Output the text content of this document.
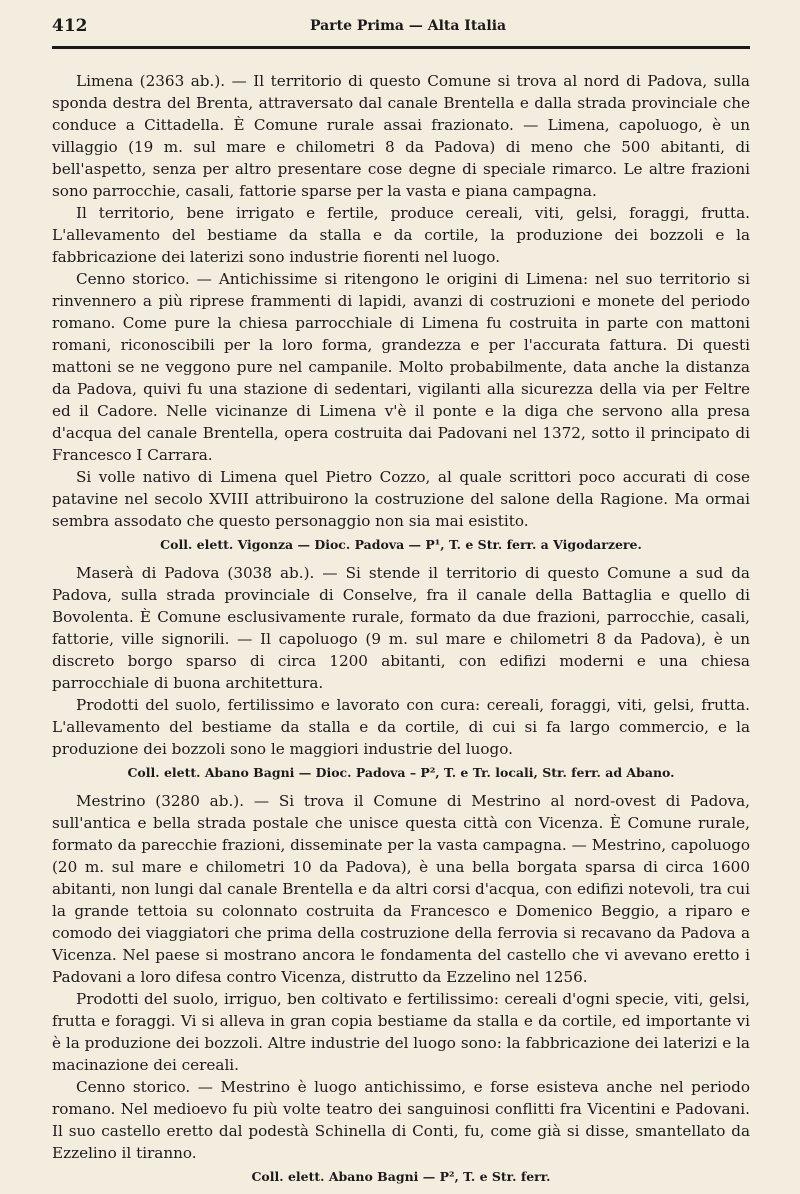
412	Parte Prima — Alta Italia

Limena (2363 ab.). — Il territorio di questo Comune si trova al nord di Padova, sulla sponda destra del Brenta, attraversato dal canale Brentella e dalla strada provinciale che conduce a Cittadella. È Comune rurale assai frazionato. — Limena, capoluogo, è un villaggio (19 m. sul mare e chilometri 8 da Padova) di meno che 500 abitanti, di bell'aspetto, senza per altro presentare cose degne di speciale rimarco. Le altre frazioni sono parrocchie, casali, fattorie sparse per la vasta e piana campagna.

Il territorio, bene irrigato e fertile, produce cereali, viti, gelsi, foraggi, frutta. L'allevamento del bestiame da stalla e da cortile, la produzione dei bozzoli e la fabbricazione dei laterizi sono industrie fiorenti nel luogo.

Cenno storico. — Antichissime si ritengono le origini di Limena: nel suo territorio si rinvennero a più riprese frammenti di lapidi, avanzi di costruzioni e monete del periodo romano. Come pure la chiesa parrocchiale di Limena fu costruita in parte con mattoni romani, riconoscibili per la loro forma, grandezza e per l'accurata fattura. Di questi mattoni se ne veggono pure nel campanile. Molto probabilmente, data anche la distanza da Padova, quivi fu una stazione di sedentari, vigilanti alla sicurezza della via per Feltre ed il Cadore. Nelle vicinanze di Limena v'è il ponte e la diga che servono alla presa d'acqua del canale Brentella, opera costruita dai Padovani nel 1372, sotto il principato di Francesco I Carrara.

Si volle nativo di Limena quel Pietro Cozzo, al quale scrittori poco accurati di cose patavine nel secolo XVIII attribuirono la costruzione del salone della Ragione. Ma ormai sembra assodato che questo personaggio non sia mai esistito.

Coll. elett. Vigonza — Dioc. Padova — P¹, T. e Str. ferr. a Vigodarzere.

Maserà di Padova (3038 ab.). — Si stende il territorio di questo Comune a sud da Padova, sulla strada provinciale di Conselve, fra il canale della Battaglia e quello di Bovolenta. È Comune esclusivamente rurale, formato da due frazioni, parrocchie, casali, fattorie, ville signorili. — Il capoluogo (9 m. sul mare e chilometri 8 da Padova), è un discreto borgo sparso di circa 1200 abitanti, con edifizi moderni e una chiesa parrocchiale di buona architettura.

Prodotti del suolo, fertilissimo e lavorato con cura: cereali, foraggi, viti, gelsi, frutta. L'allevamento del bestiame da stalla e da cortile, di cui si fa largo commercio, e la produzione dei bozzoli sono le maggiori industrie del luogo.

Coll. elett. Abano Bagni — Dioc. Padova – P², T. e Tr. locali, Str. ferr. ad Abano.

Mestrino (3280 ab.). — Si trova il Comune di Mestrino al nord-ovest di Padova, sull'antica e bella strada postale che unisce questa città con Vicenza. È Comune rurale, formato da parecchie frazioni, disseminate per la vasta campagna. — Mestrino, capoluogo (20 m. sul mare e chilometri 10 da Padova), è una bella borgata sparsa di circa 1600 abitanti, non lungi dal canale Brentella e da altri corsi d'acqua, con edifizi notevoli, tra cui la grande tettoia su colonnato costruita da Francesco e Domenico Beggio, a riparo e comodo dei viaggiatori che prima della costruzione della ferrovia si recavano da Padova a Vicenza. Nel paese si mostrano ancora le fondamenta del castello che vi avevano eretto i Padovani a loro difesa contro Vicenza, distrutto da Ezzelino nel 1256.

Prodotti del suolo, irriguo, ben coltivato e fertilissimo: cereali d'ogni specie, viti, gelsi, frutta e foraggi. Vi si alleva in gran copia bestiame da stalla e da cortile, ed importante vi è la produzione dei bozzoli. Altre industrie del luogo sono: la fabbricazione dei laterizi e la macinazione dei cereali.

Cenno storico. — Mestrino è luogo antichissimo, e forse esisteva anche nel periodo romano. Nel medioevo fu più volte teatro dei sanguinosi conflitti fra Vicentini e Padovani. Il suo castello eretto dal podestà Schinella di Conti, fu, come già si disse, smantellato da Ezzelino il tiranno.

Coll. elett. Abano Bagni — P², T. e Str. ferr.
